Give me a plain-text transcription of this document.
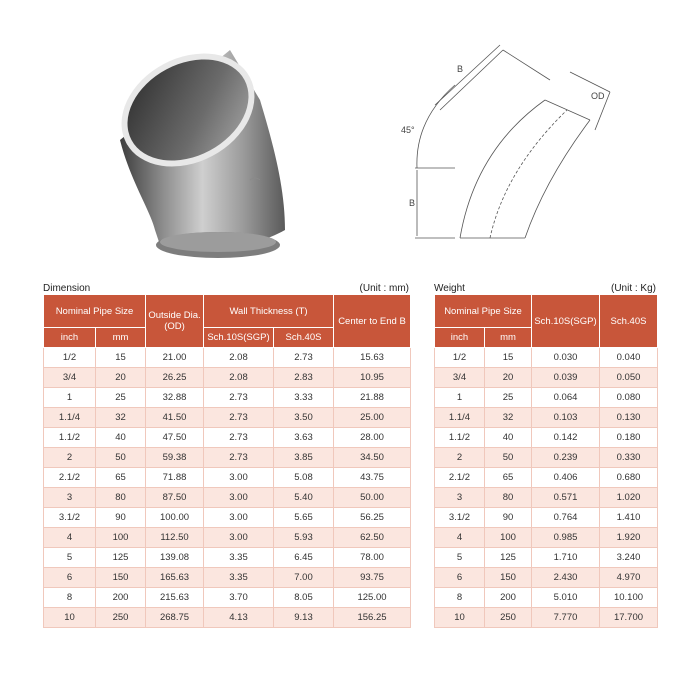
B
OD
45°
B
Dimension	(Unit : mm)
Nominal Pipe Size		Outside Dia. (OD)	Wall Thickness (T)		Center to End B
inch	mm		Sch.10S(SGP)	Sch.40S	
1/2	15	21.00	2.08	2.73	15.63
3/4	20	26.25	2.08	2.83	10.95
1	25	32.88	2.73	3.33	21.88
1.1/4	32	41.50	2.73	3.50	25.00
1.1/2	40	47.50	2.73	3.63	28.00
2	50	59.38	2.73	3.85	34.50
2.1/2	65	71.88	3.00	5.08	43.75
3	80	87.50	3.00	5.40	50.00
3.1/2	90	100.00	3.00	5.65	56.25
4	100	112.50	3.00	5.93	62.50
5	125	139.08	3.35	6.45	78.00
6	150	165.63	3.35	7.00	93.75
8	200	215.63	3.70	8.05	125.00
10	250	268.75	4.13	9.13	156.25
Weight	(Unit : Kg)
Nominal Pipe Size		Sch.10S(SGP)	Sch.40S
inch	mm		
1/2	15	0.030	0.040
3/4	20	0.039	0.050
1	25	0.064	0.080
1.1/4	32	0.103	0.130
1.1/2	40	0.142	0.180
2	50	0.239	0.330
2.1/2	65	0.406	0.680
3	80	0.571	1.020
3.1/2	90	0.764	1.410
4	100	0.985	1.920
5	125	1.710	3.240
6	150	2.430	4.970
8	200	5.010	10.100
10	250	7.770	17.700
